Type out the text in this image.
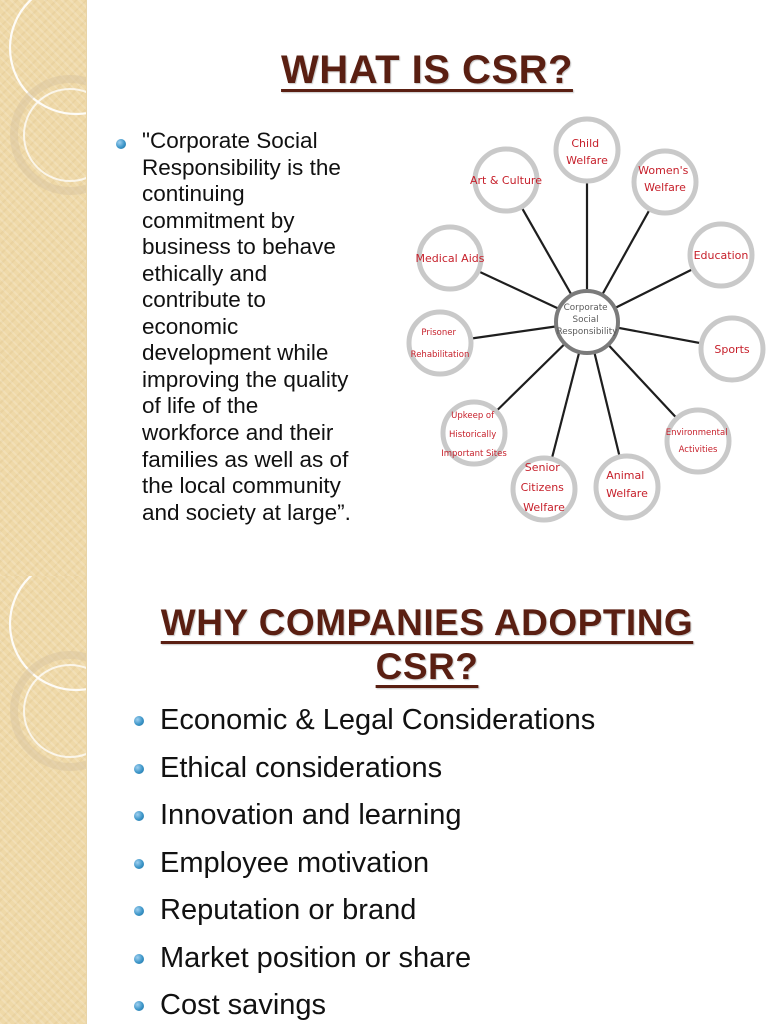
WHAT IS CSR?

"Corporate Social
Responsibility is the
continuing
commitment by
business to behave
ethically and
contribute to
economic
development while
improving the quality
of life of the
workforce and their
families as well as of
the local community
and society at large”.

Corporate Social Responsibility
Child Welfare
Women's Welfare
Education
Sports
Environmental Activities
Animal Welfare
Senior Citizens Welfare
Upkeep of Historically Important Sites
Prisoner Rehabilitation
Medical Aids
Art & Culture
WHY COMPANIES ADOPTING
CSR?
Economic & Legal Considerations
Ethical considerations
Innovation and learning
Employee motivation
Reputation or brand
Market position or share
Cost savings
